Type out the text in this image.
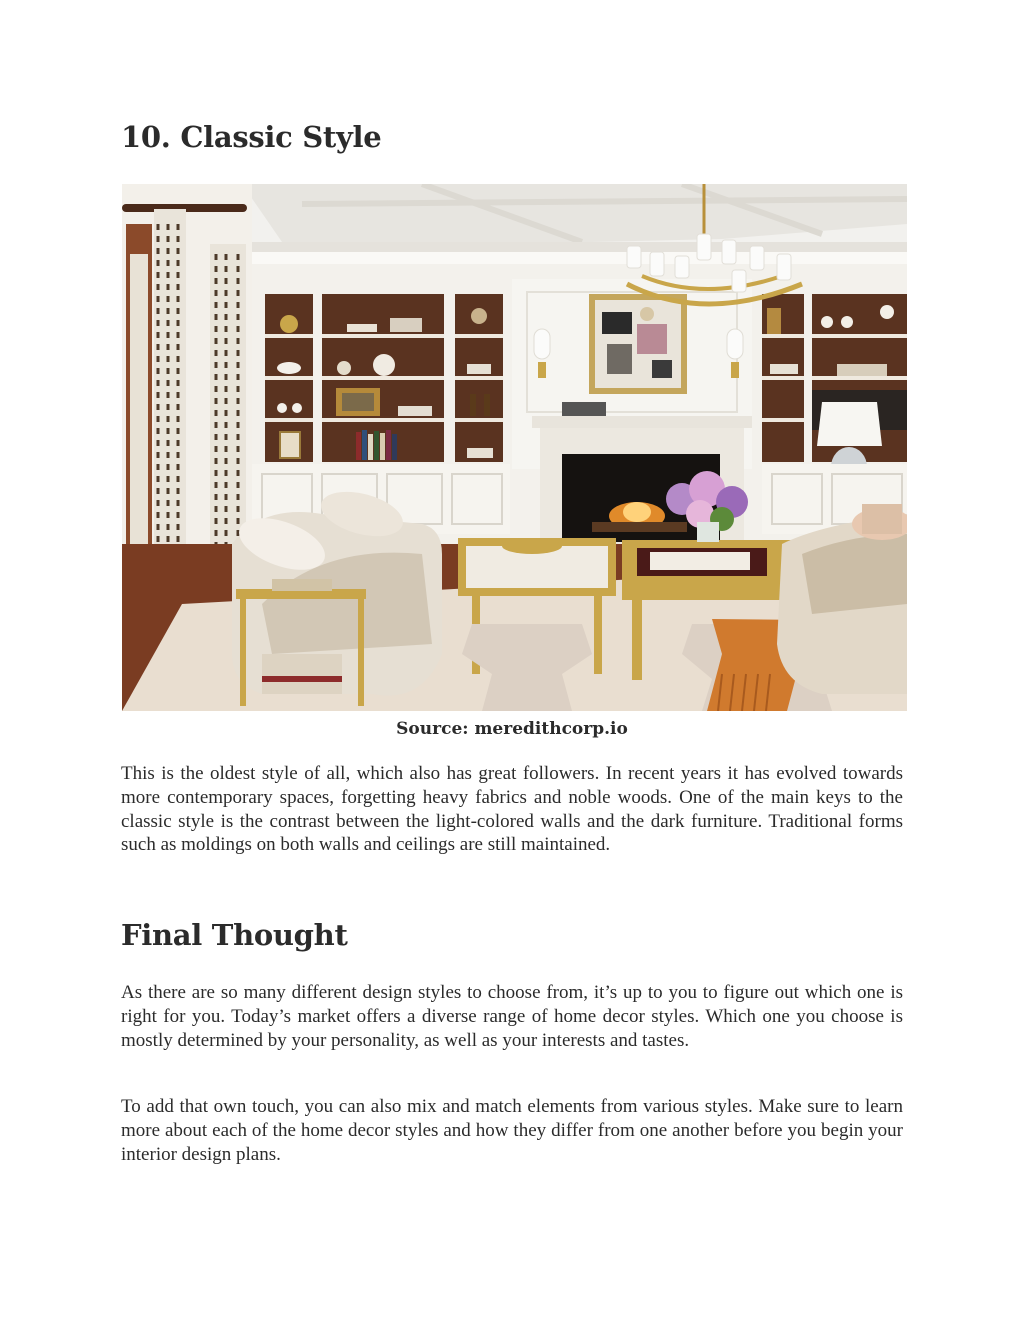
10. Classic Style
Source: meredithcorp.io

This is the oldest style of all, which also has great followers. In recent years it has evolved towards more contemporary spaces, forgetting heavy fabrics and noble woods. One of the main keys to the classic style is the contrast between the light-colored walls and the dark furniture. Traditional forms such as moldings on both walls and ceilings are still maintained.

Final Thought

As there are so many different design styles to choose from, it’s up to you to figure out which one is right for you. Today’s market offers a diverse range of home decor styles. Which one you choose is mostly determined by your personality, as well as your interests and tastes.

To add that own touch, you can also mix and match elements from various styles. Make sure to learn more about each of the home decor styles and how they differ from one another before you begin your interior design plans.
